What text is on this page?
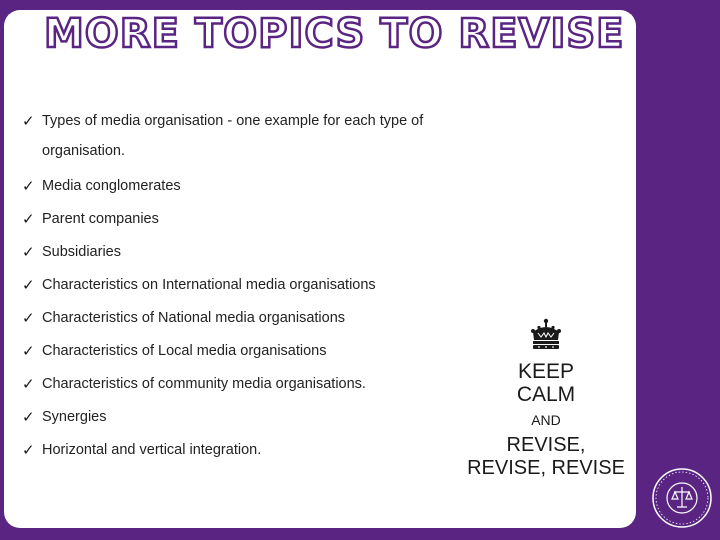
MORE TOPICS TO REVISE
✓ Types of media organisation - one example for each type of organisation.
✓ Media conglomerates
✓ Parent companies
✓ Subsidiaries
✓ Characteristics on International media organisations
✓ Characteristics of National media organisations
✓ Characteristics of Local media organisations
✓ Characteristics of community media organisations.
✓ Synergies
✓ Horizontal and vertical integration.
KEEP
CALM
AND
REVISE,
REVISE, REVISE
